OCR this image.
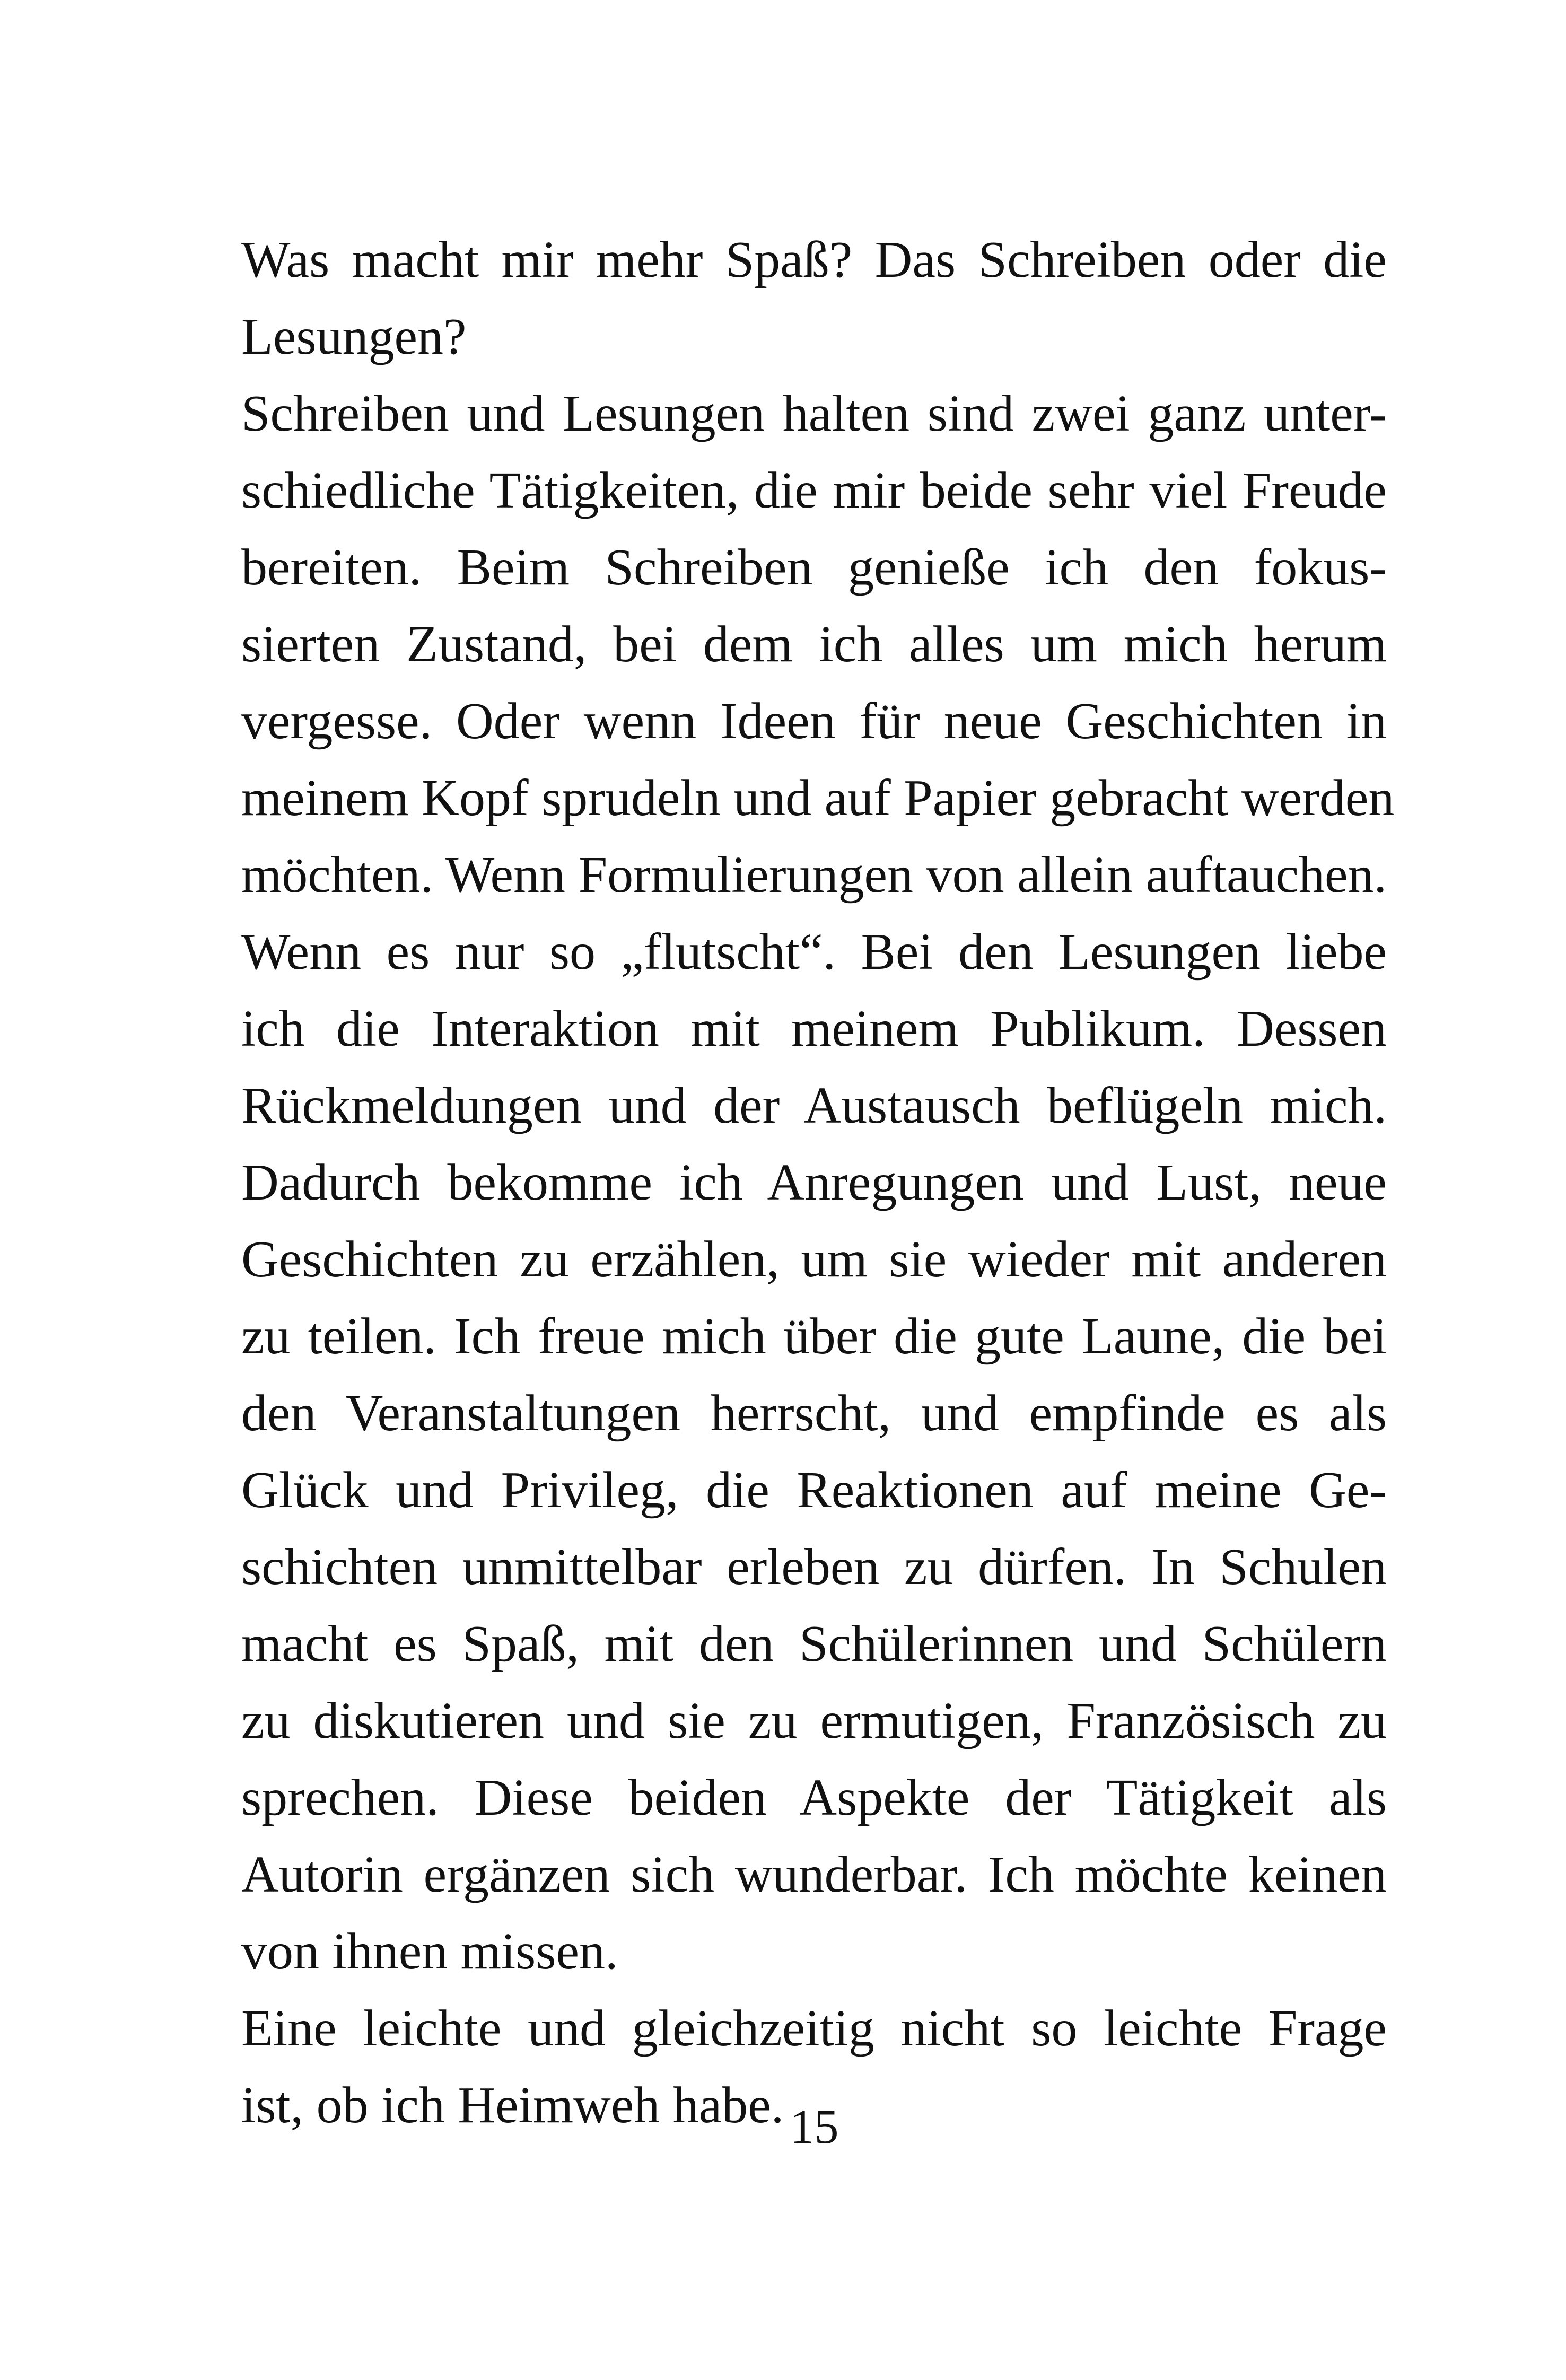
Was macht mir mehr Spaß? Das Schreiben oder die
Lesungen?
Schreiben und Lesungen halten sind zwei ganz unter-
schiedliche Tätigkeiten, die mir beide sehr viel Freude
bereiten. Beim Schreiben genieße ich den fokus-
sierten Zustand, bei dem ich alles um mich herum
vergesse. Oder wenn Ideen für neue Geschichten in
meinem Kopf sprudeln und auf Papier gebracht werden
möchten. Wenn Formulierungen von allein auftauchen.
Wenn es nur so „flutscht“. Bei den Lesungen liebe
ich die Interaktion mit meinem Publikum. Dessen
Rückmeldungen und der Austausch beflügeln mich.
Dadurch bekomme ich Anregungen und Lust, neue
Geschichten zu erzählen, um sie wieder mit anderen
zu teilen. Ich freue mich über die gute Laune, die bei
den Veranstaltungen herrscht, und empfinde es als
Glück und Privileg, die Reaktionen auf meine Ge-
schichten unmittelbar erleben zu dürfen. In Schulen
macht es Spaß, mit den Schülerinnen und Schülern
zu diskutieren und sie zu ermutigen, Französisch zu
sprechen. Diese beiden Aspekte der Tätigkeit als
Autorin ergänzen sich wunderbar. Ich möchte keinen
von ihnen missen.
Eine leichte und gleichzeitig nicht so leichte Frage
ist, ob ich Heimweh habe. 15
